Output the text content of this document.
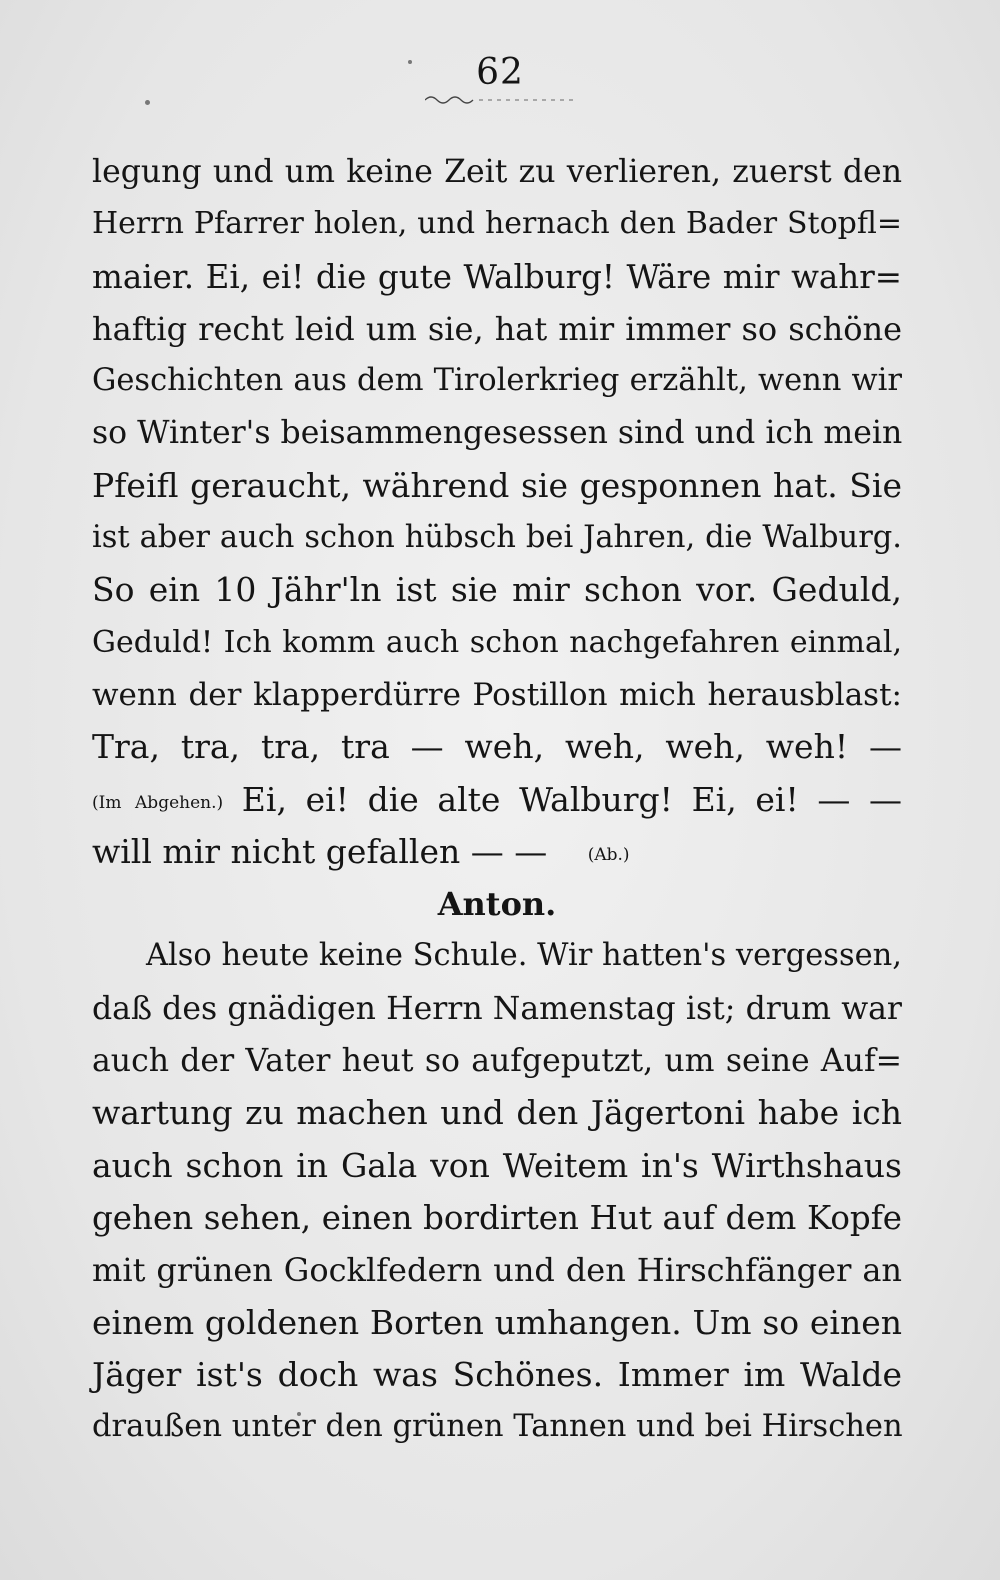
62
legung und um keine Zeit zu verlieren, zuerst den
Herrn Pfarrer holen, und hernach den Bader Stopfl=
maier. Ei, ei! die gute Walburg! Wäre mir wahr=
haftig recht leid um sie, hat mir immer so schöne
Geschichten aus dem Tirolerkrieg erzählt, wenn wir
so Winter's beisammengesessen sind und ich mein
Pfeifl geraucht, während sie gesponnen hat. Sie
ist aber auch schon hübsch bei Jahren, die Walburg.
So ein 10 Jähr'ln ist sie mir schon vor. Geduld,
Geduld! Ich komm auch schon nachgefahren einmal,
wenn der klapperdürre Postillon mich herausblast:
Tra, tra, tra, tra — weh, weh, weh, weh! —
(Im Abgehen.) Ei, ei! die alte Walburg! Ei, ei! — —
will mir nicht gefallen — — (Ab.)
Anton.
Also heute keine Schule. Wir hatten's vergessen,
daß des gnädigen Herrn Namenstag ist; drum war
auch der Vater heut so aufgeputzt, um seine Auf=
wartung zu machen und den Jägertoni habe ich
auch schon in Gala von Weitem in's Wirthshaus
gehen sehen, einen bordirten Hut auf dem Kopfe
mit grünen Gocklfedern und den Hirschfänger an
einem goldenen Borten umhangen. Um so einen
Jäger ist's doch was Schönes. Immer im Walde
draußen unter den grünen Tannen und bei Hirschen
